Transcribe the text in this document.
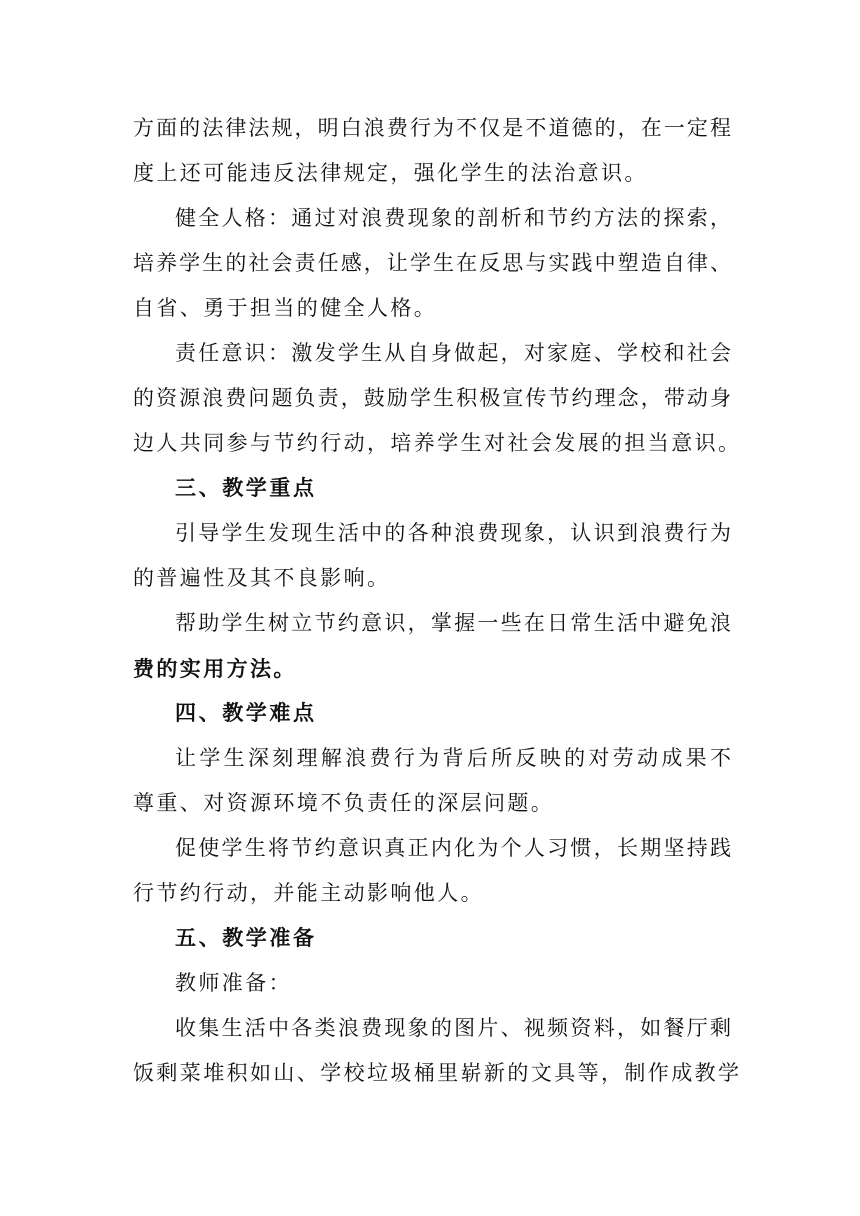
方面的法律法规，明白浪费行为不仅是不道德的，在一定程
度上还可能违反法律规定，强化学生的法治意识。
健全人格：通过对浪费现象的剖析和节约方法的探索，
培养学生的社会责任感，让学生在反思与实践中塑造自律、
自省、勇于担当的健全人格。
责任意识：激发学生从自身做起，对家庭、学校和社会
的资源浪费问题负责，鼓励学生积极宣传节约理念，带动身
边人共同参与节约行动，培养学生对社会发展的担当意识。
三、教学重点
引导学生发现生活中的各种浪费现象，认识到浪费行为
的普遍性及其不良影响。
帮助学生树立节约意识，掌握一些在日常生活中避免浪
费的实用方法。
四、教学难点
让学生深刻理解浪费行为背后所反映的对劳动成果不
尊重、对资源环境不负责任的深层问题。
促使学生将节约意识真正内化为个人习惯，长期坚持践
行节约行动，并能主动影响他人。
五、教学准备
教师准备：
收集生活中各类浪费现象的图片、视频资料，如餐厅剩
饭剩菜堆积如山、学校垃圾桶里崭新的文具等，制作成教学
